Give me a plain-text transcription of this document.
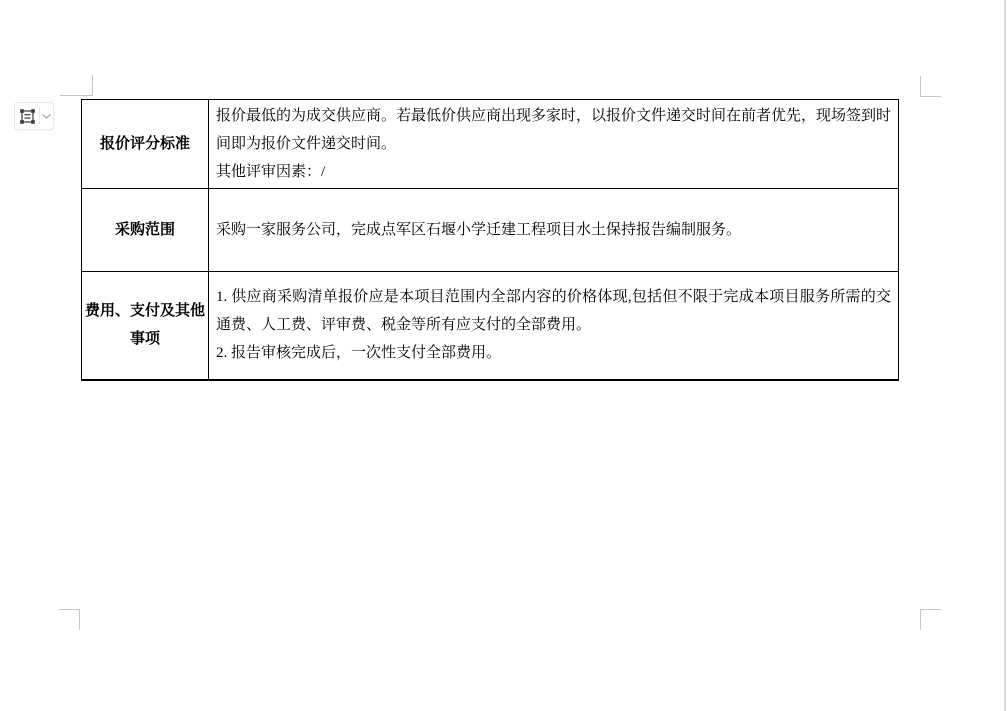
报价评分标准	报价最低的为成交供应商。若最低价供应商出现多家时，以报价文件递交时间在前者优先，现场签到时间即为报价文件递交时间。

其他评审因素：/

采购范围	采购一家服务公司，完成点军区石堰小学迁建工程项目水土保持报告编制服务。

费用、支付及其他事项	1. 供应商采购清单报价应是本项目范围内全部内容的价格体现,包括但不限于完成本项目服务所需的交通费、人工费、评审费、税金等所有应支付的全部费用。

2. 报告审核完成后，一次性支付全部费用。
